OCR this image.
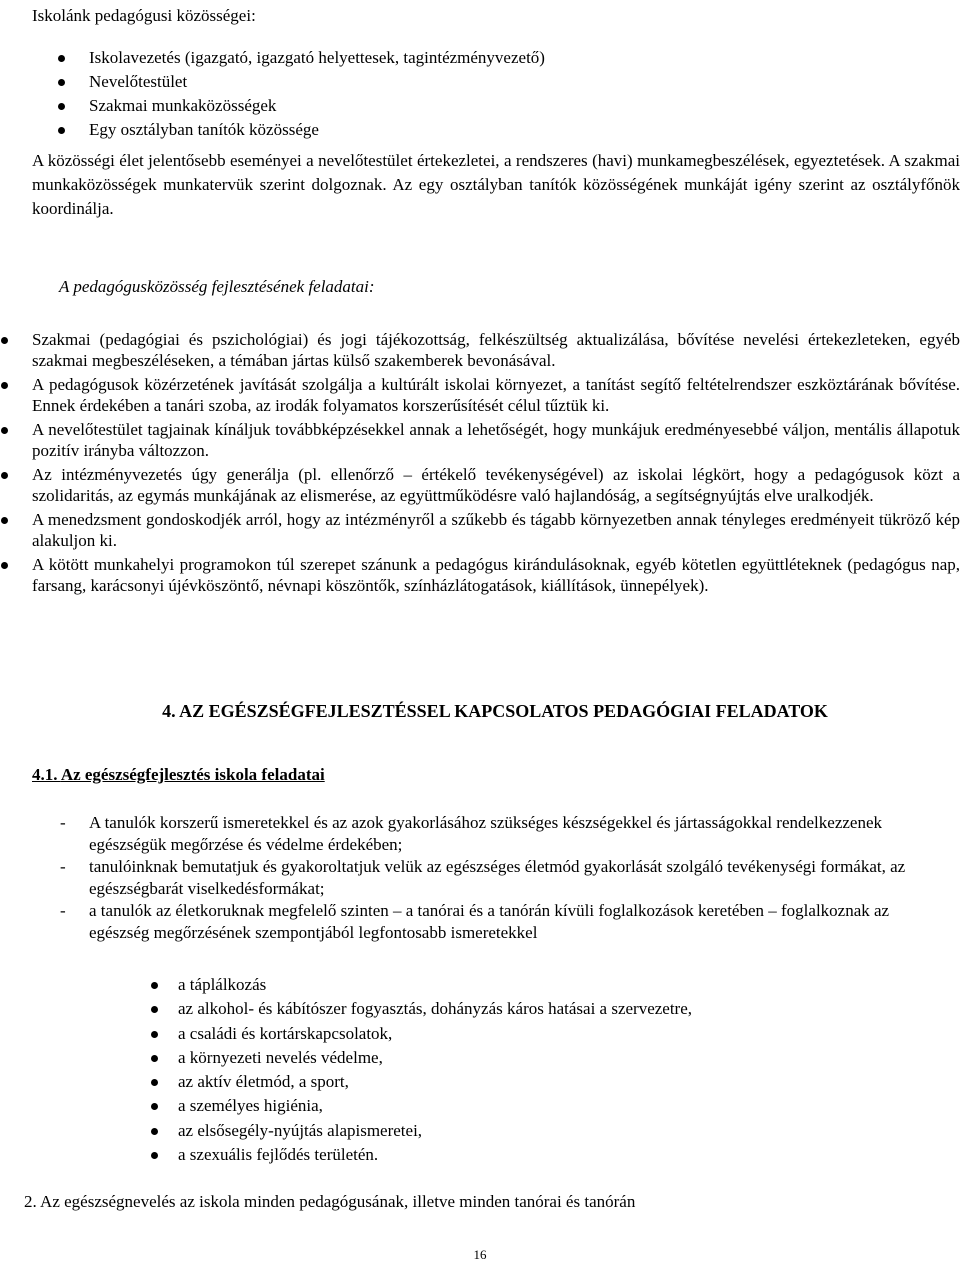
Iskolánk pedagógusi közösségei:
Iskolavezetés (igazgató, igazgató helyettesek, tagintézményvezető)
Nevelőtestület
Szakmai munkaközösségek
Egy osztályban tanítók közössége
A közösségi élet jelentősebb eseményei a nevelőtestület értekezletei, a rendszeres (havi) munkamegbeszélések, egyeztetések. A szakmai munkaközösségek munkatervük szerint dolgoznak. Az egy osztályban tanítók közösségének munkáját igény szerint az osztályfőnök koordinálja.
A pedagógusközösség fejlesztésének feladatai:
Szakmai (pedagógiai és pszichológiai) és jogi tájékozottság, felkészültség aktualizálása, bővítése nevelési értekezleteken, egyéb szakmai megbeszéléseken, a témában jártas külső szakemberek bevonásával.
A pedagógusok közérzetének javítását szolgálja a kultúrált iskolai környezet, a tanítást segítő feltételrendszer eszköztárának bővítése. Ennek érdekében a tanári szoba, az irodák folyamatos korszerűsítését célul tűztük ki.
A nevelőtestület tagjainak kínáljuk továbbképzésekkel annak a lehetőségét, hogy munkájuk eredményesebbé váljon, mentális állapotuk pozitív irányba változzon.
Az intézményvezetés úgy generálja (pl. ellenőrző – értékelő tevékenységével) az iskolai légkört, hogy a pedagógusok közt a szolidaritás, az egymás munkájának az elismerése, az együttműködésre való hajlandóság, a segítségnyújtás elve uralkodjék.
A menedzsment gondoskodjék arról, hogy az intézményről a szűkebb és tágabb környezetben annak tényleges eredményeit tükröző kép alakuljon ki.
A kötött munkahelyi programokon túl szerepet szánunk a pedagógus kirándulásoknak, egyéb kötetlen együttléteknek (pedagógus nap, farsang, karácsonyi újévköszöntő, névnapi köszöntők, színházlátogatások, kiállítások, ünnepélyek).
4. AZ EGÉSZSÉGFEJLESZTÉSSEL KAPCSOLATOS PEDAGÓGIAI FELADATOK
4.1. Az egészségfejlesztés iskola feladatai
- A tanulók korszerű ismeretekkel és az azok gyakorlásához szükséges készségekkel és jártasságokkal rendelkezzenek egészségük megőrzése és védelme érdekében;
- tanulóinknak bemutatjuk és gyakoroltatjuk velük az egészséges életmód gyakorlását szolgáló tevékenységi formákat, az egészségbarát viselkedésformákat;
- a tanulók az életkoruknak megfelelő szinten – a tanórai és a tanórán kívüli foglalkozások keretében – foglalkoznak az egészség megőrzésének szempontjából legfontosabb ismeretekkel
a táplálkozás
az alkohol- és kábítószer fogyasztás, dohányzás káros hatásai a szervezetre,
a családi és kortárskapcsolatok,
a környezeti nevelés védelme,
az aktív életmód, a sport,
a személyes higiénia,
az elsősegély-nyújtás alapismeretei,
a szexuális fejlődés területén.
2. Az egészségnevelés az iskola minden pedagógusának, illetve minden tanórai és tanórán
16
